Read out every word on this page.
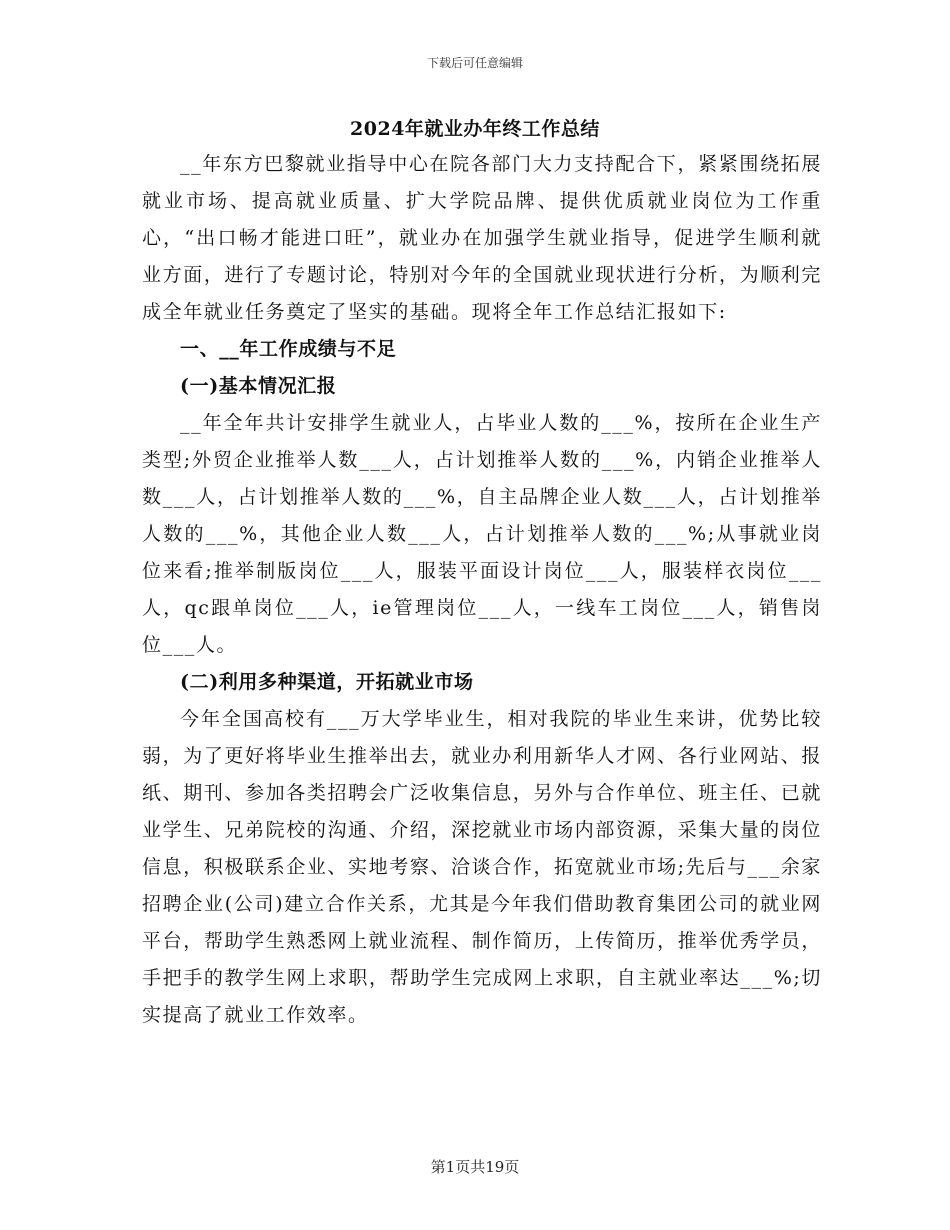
下载后可任意编辑
2024年就业办年终工作总结

__年东方巴黎就业指导中心在院各部门大力支持配合下，紧紧围绕拓展就业市场、提高就业质量、扩大学院品牌、提供优质就业岗位为工作重心，“出口畅才能进口旺”，就业办在加强学生就业指导，促进学生顺利就业方面，进行了专题讨论，特别对今年的全国就业现状进行分析，为顺利完成全年就业任务奠定了坚实的基础。现将全年工作总结汇报如下:

一、__年工作成绩与不足

(一)基本情况汇报

__年全年共计安排学生就业人，占毕业人数的___%，按所在企业生产类型;外贸企业推举人数___人，占计划推举人数的___%，内销企业推举人数___人，占计划推举人数的___%，自主品牌企业人数___人，占计划推举人数的___%，其他企业人数___人，占计划推举人数的___%;从事就业岗位来看;推举制版岗位___人，服装平面设计岗位___人，服装样衣岗位___人，qc跟单岗位___人，ie管理岗位___人，一线车工岗位___人，销售岗位___人。

(二)利用多种渠道，开拓就业市场

今年全国高校有___万大学毕业生，相对我院的毕业生来讲，优势比较弱，为了更好将毕业生推举出去，就业办利用新华人才网、各行业网站、报纸、期刊、参加各类招聘会广泛收集信息，另外与合作单位、班主任、已就业学生、兄弟院校的沟通、介绍，深挖就业市场内部资源，采集大量的岗位信息，积极联系企业、实地考察、洽谈合作，拓宽就业市场;先后与___余家招聘企业(公司)建立合作关系，尤其是今年我们借助教育集团公司的就业网平台，帮助学生熟悉网上就业流程、制作简历，上传简历，推举优秀学员，手把手的教学生网上求职，帮助学生完成网上求职，自主就业率达___%;切实提高了就业工作效率。

第1页共19页
